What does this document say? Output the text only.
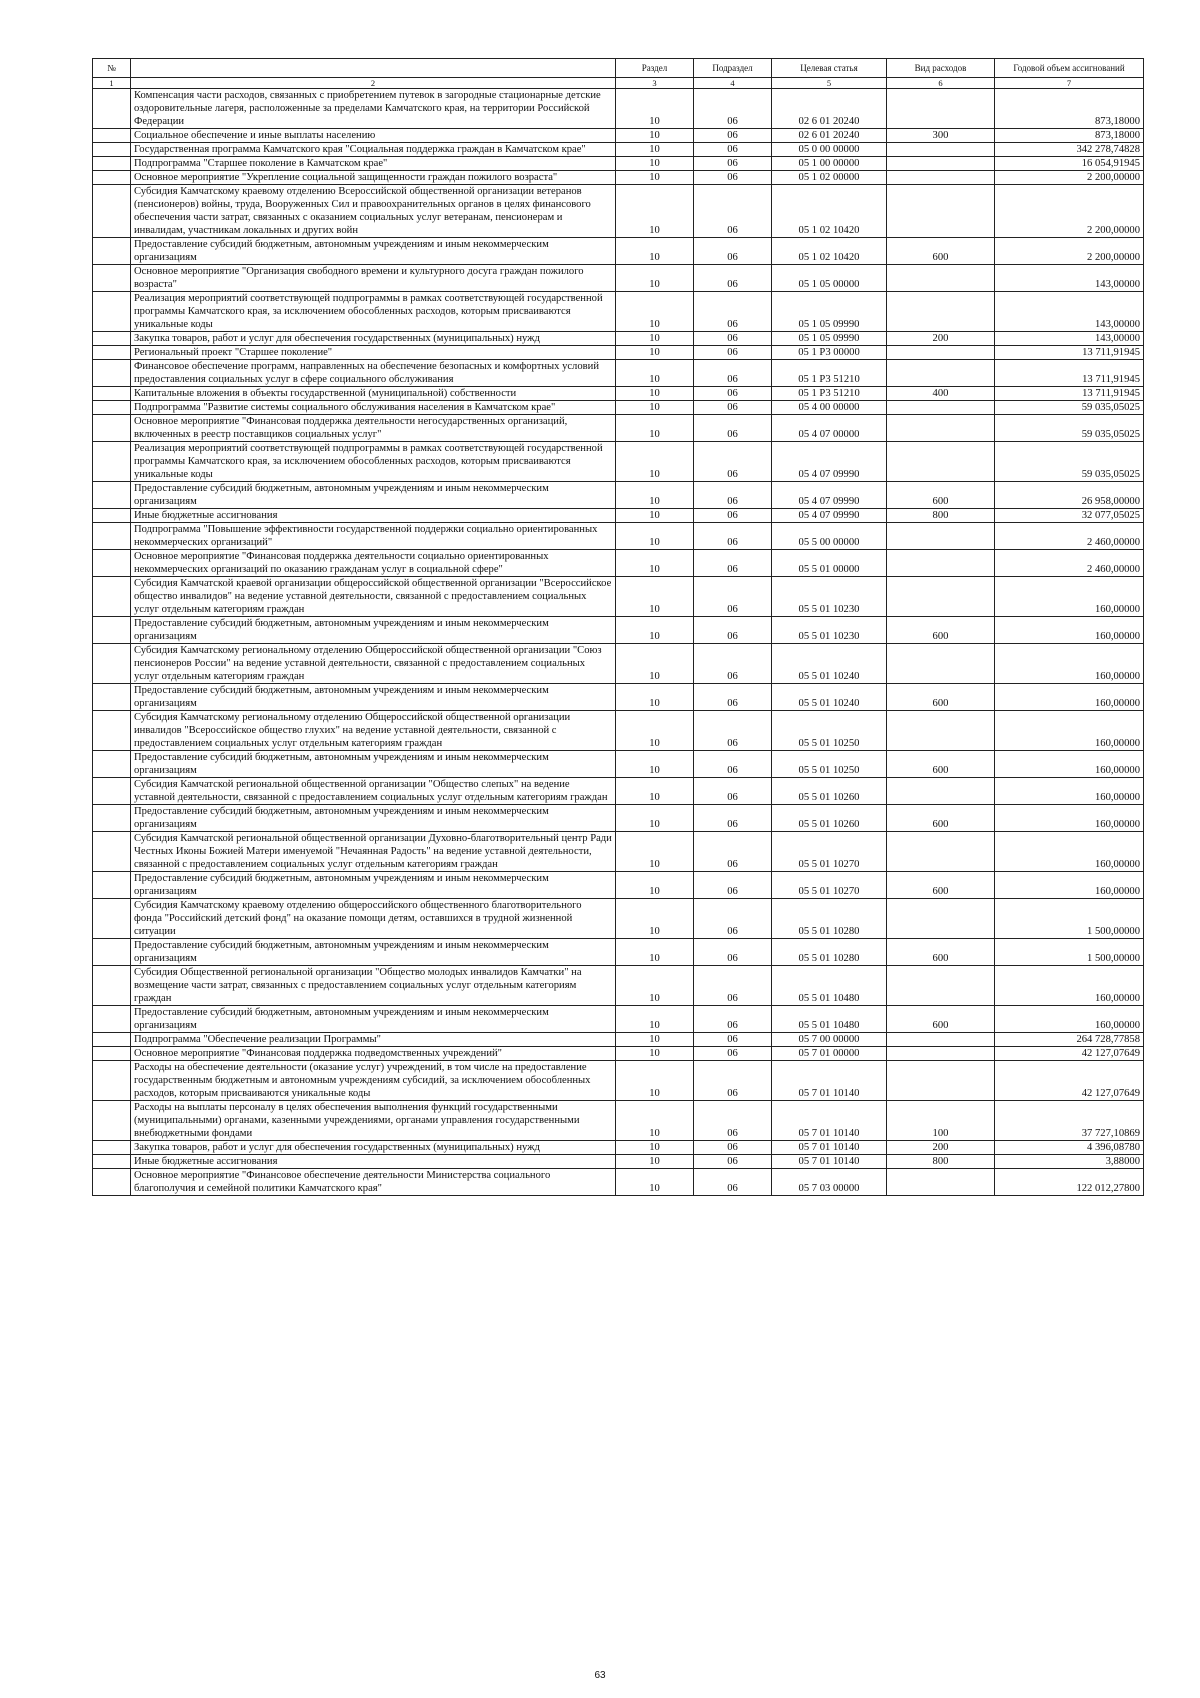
№		Раздел	Подраздел	Целевая статья	Вид расходов	Годовой объем ассигнований
1	2	3	4	5	6	7
	Компенсация части расходов, связанных с приобретением путевок в загородные стационарные детские оздоровительные лагеря, расположенные за пределами Камчатского края, на территории Российской Федерации	10	06	02 6 01 20240		873,18000
	Социальное обеспечение и иные выплаты населению	10	06	02 6 01 20240	300	873,18000
	Государственная программа Камчатского края "Социальная поддержка граждан в Камчатском крае"	10	06	05 0 00 00000		342 278,74828
	Подпрограмма "Старшее поколение в Камчатском крае"	10	06	05 1 00 00000		16 054,91945
	Основное мероприятие "Укрепление социальной защищенности граждан пожилого возраста"	10	06	05 1 02 00000		2 200,00000
	Субсидия Камчатскому краевому отделению Всероссийской общественной организации ветеранов (пенсионеров) войны, труда, Вооруженных Сил и правоохранительных органов в целях финансового обеспечения части затрат, связанных с оказанием социальных услуг ветеранам, пенсионерам и инвалидам, участникам локальных и других войн	10	06	05 1 02 10420		2 200,00000
	Предоставление субсидий бюджетным, автономным учреждениям и иным некоммерческим организациям	10	06	05 1 02 10420	600	2 200,00000
	Основное мероприятие "Организация свободного времени и культурного досуга граждан пожилого возраста"	10	06	05 1 05 00000		143,00000
	Реализация мероприятий соответствующей подпрограммы в рамках соответствующей государственной программы Камчатского края, за исключением обособленных расходов, которым присваиваются уникальные коды	10	06	05 1 05 09990		143,00000
	Закупка товаров, работ и услуг для обеспечения государственных (муниципальных) нужд	10	06	05 1 05 09990	200	143,00000
	Региональный проект "Старшее поколение"	10	06	05 1 P3 00000		13 711,91945
	Финансовое обеспечение программ, направленных на обеспечение безопасных и комфортных условий предоставления социальных услуг в сфере социального обслуживания	10	06	05 1 P3 51210		13 711,91945
	Капитальные вложения в объекты государственной (муниципальной) собственности	10	06	05 1 P3 51210	400	13 711,91945
	Подпрограмма "Развитие системы социального обслуживания населения в Камчатском крае"	10	06	05 4 00 00000		59 035,05025
	Основное мероприятие "Финансовая поддержка деятельности негосударственных организаций, включенных в реестр поставщиков социальных услуг"	10	06	05 4 07 00000		59 035,05025
	Реализация мероприятий соответствующей подпрограммы в рамках соответствующей государственной программы Камчатского края, за исключением обособленных расходов, которым присваиваются уникальные коды	10	06	05 4 07 09990		59 035,05025
	Предоставление субсидий бюджетным, автономным учреждениям и иным некоммерческим организациям	10	06	05 4 07 09990	600	26 958,00000
	Иные бюджетные ассигнования	10	06	05 4 07 09990	800	32 077,05025
	Подпрограмма "Повышение эффективности государственной поддержки социально ориентированных некоммерческих организаций"	10	06	05 5 00 00000		2 460,00000
	Основное мероприятие "Финансовая поддержка деятельности социально ориентированных некоммерческих организаций по оказанию гражданам услуг в социальной сфере"	10	06	05 5 01 00000		2 460,00000
	Субсидия Камчатской краевой организации общероссийской общественной организации "Всероссийское общество инвалидов" на ведение уставной деятельности, связанной с предоставлением социальных услуг отдельным категориям граждан	10	06	05 5 01 10230		160,00000
	Предоставление субсидий бюджетным, автономным учреждениям и иным некоммерческим организациям	10	06	05 5 01 10230	600	160,00000
	Субсидия Камчатскому региональному отделению Общероссийской общественной организации "Союз пенсионеров России" на ведение уставной деятельности, связанной с предоставлением социальных услуг отдельным категориям граждан	10	06	05 5 01 10240		160,00000
	Предоставление субсидий бюджетным, автономным учреждениям и иным некоммерческим организациям	10	06	05 5 01 10240	600	160,00000
	Субсидия Камчатскому региональному отделению Общероссийской общественной организации инвалидов "Всероссийское общество глухих" на ведение уставной деятельности, связанной с предоставлением социальных услуг отдельным категориям граждан	10	06	05 5 01 10250		160,00000
	Предоставление субсидий бюджетным, автономным учреждениям и иным некоммерческим организациям	10	06	05 5 01 10250	600	160,00000
	Субсидия Камчатской региональной общественной организации "Общество слепых" на ведение уставной деятельности, связанной с предоставлением социальных услуг отдельным категориям граждан	10	06	05 5 01 10260		160,00000
	Предоставление субсидий бюджетным, автономным учреждениям и иным некоммерческим организациям	10	06	05 5 01 10260	600	160,00000
	Субсидия Камчатской региональной общественной организации Духовно-благотворительный центр Ради Честных Иконы Божией Матери именуемой "Нечаянная Радость" на ведение уставной деятельности, связанной с предоставлением социальных услуг отдельным категориям граждан	10	06	05 5 01 10270		160,00000
	Предоставление субсидий бюджетным, автономным учреждениям и иным некоммерческим организациям	10	06	05 5 01 10270	600	160,00000
	Субсидия Камчатскому краевому отделению общероссийского общественного благотворительного фонда "Российский детский фонд" на оказание помощи детям, оставшихся в трудной жизненной ситуации	10	06	05 5 01 10280		1 500,00000
	Предоставление субсидий бюджетным, автономным учреждениям и иным некоммерческим организациям	10	06	05 5 01 10280	600	1 500,00000
	Субсидия Общественной региональной организации "Общество молодых инвалидов Камчатки" на возмещение части затрат, связанных с предоставлением социальных услуг отдельным категориям граждан	10	06	05 5 01 10480		160,00000
	Предоставление субсидий бюджетным, автономным учреждениям и иным некоммерческим организациям	10	06	05 5 01 10480	600	160,00000
	Подпрограмма "Обеспечение реализации Программы"	10	06	05 7 00 00000		264 728,77858
	Основное мероприятие "Финансовая поддержка подведомственных учреждений"	10	06	05 7 01 00000		42 127,07649
	Расходы на обеспечение деятельности (оказание услуг) учреждений, в том числе на предоставление государственным бюджетным и автономным учреждениям субсидий, за исключением обособленных расходов, которым присваиваются уникальные коды	10	06	05 7 01 10140		42 127,07649
	Расходы на выплаты персоналу в целях обеспечения выполнения функций государственными (муниципальными) органами, казенными учреждениями, органами управления государственными внебюджетными фондами	10	06	05 7 01 10140	100	37 727,10869
	Закупка товаров, работ и услуг для обеспечения государственных (муниципальных) нужд	10	06	05 7 01 10140	200	4 396,08780
	Иные бюджетные ассигнования	10	06	05 7 01 10140	800	3,88000
	Основное мероприятие "Финансовое обеспечение деятельности Министерства социального благополучия и семейной политики Камчатского края"	10	06	05 7 03 00000		122 012,27800
63
